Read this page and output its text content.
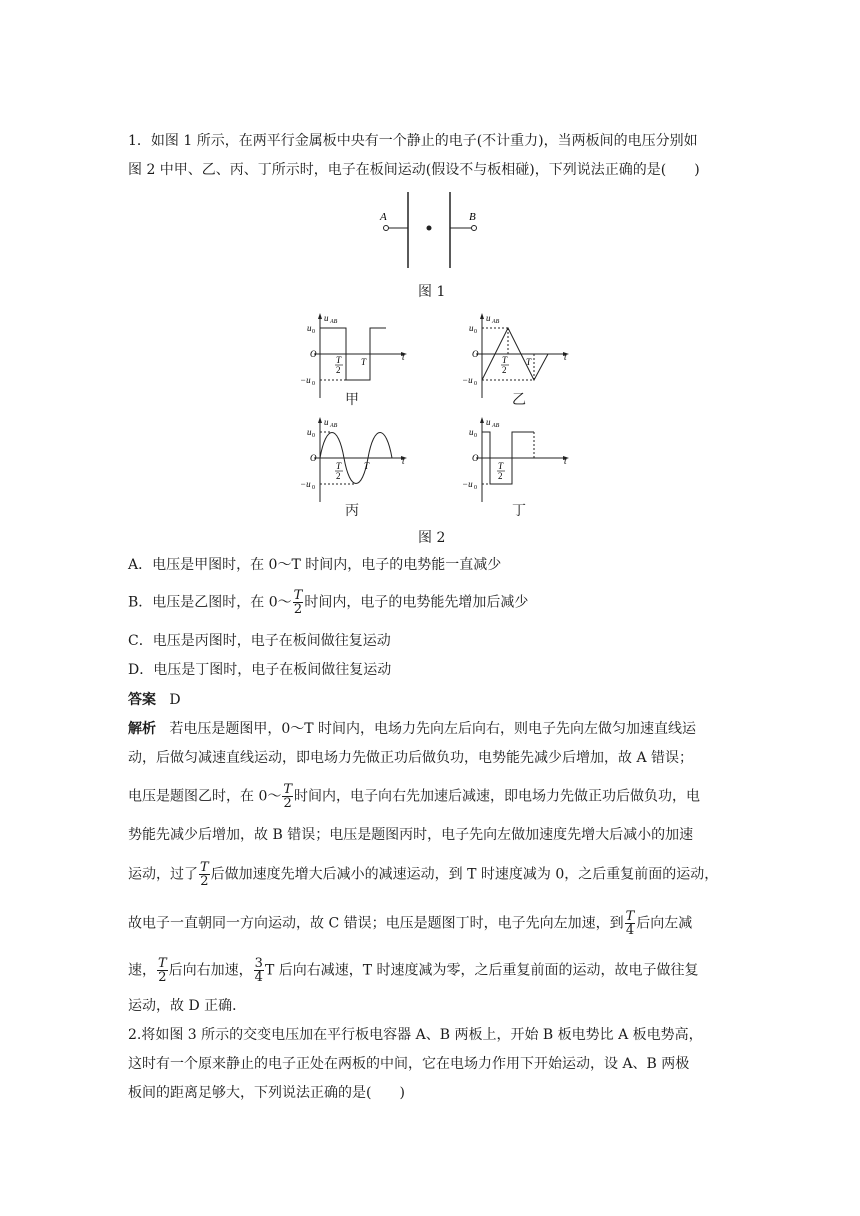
1．如图 1 所示，在两平行金属板中央有一个静止的电子(不计重力)，当两板间的电压分别如
图 2 中甲、乙、丙、丁所示时，电子在板间运动(假设不与板相碰)，下列说法正确的是(　　)
A	B
图 1
u AB
u 0
−u 0
O	t
T
2
T
甲
u AB
u 0
−u 0
O	t
T
2
T
乙
u AB
u 0
−u 0
O	t
T
2
T
丙
u AB
u 0
−u 0
O	t
T
2
丁
图 2
A．电压是甲图时，在 0～T 时间内，电子的电势能一直减少
B．电压是乙图时，在 0～ $\frac{T}{2}$ 时间内，电子的电势能先增加后减少
C．电压是丙图时，电子在板间做往复运动
D．电压是丁图时，电子在板间做往复运动
答案 D
解析 若电压是题图甲，0～T 时间内，电场力先向左后向右，则电子先向左做匀加速直线运
动，后做匀减速直线运动，即电场力先做正功后做负功，电势能先减少后增加，故 A 错误；
电压是题图乙时，在 0～ $\frac{T}{2}$ 时间内，电子向右先加速后减速，即电场力先做正功后做负功，电
势能先减少后增加，故 B 错误；电压是题图丙时，电子先向左做加速度先增大后减小的加速
运动，过了 $\frac{T}{2}$ 后做加速度先增大后减小的减速运动，到 T 时速度减为 0，之后重复前面的运动，
故电子一直朝同一方向运动，故 C 错误；电压是题图丁时，电子先向左加速，到 $\frac{T}{4}$ 后向左减
速， $\frac{T}{2}$ 后向右加速， $\frac{3}{4}$ T 后向右减速，T 时速度减为零，之后重复前面的运动，故电子做往复
运动，故 D 正确．
2.将如图 3 所示的交变电压加在平行板电容器 A、B 两板上，开始 B 板电势比 A 板电势高，
这时有一个原来静止的电子正处在两板的中间，它在电场力作用下开始运动，设 A、B 两极
板间的距离足够大，下列说法正确的是(　　)
